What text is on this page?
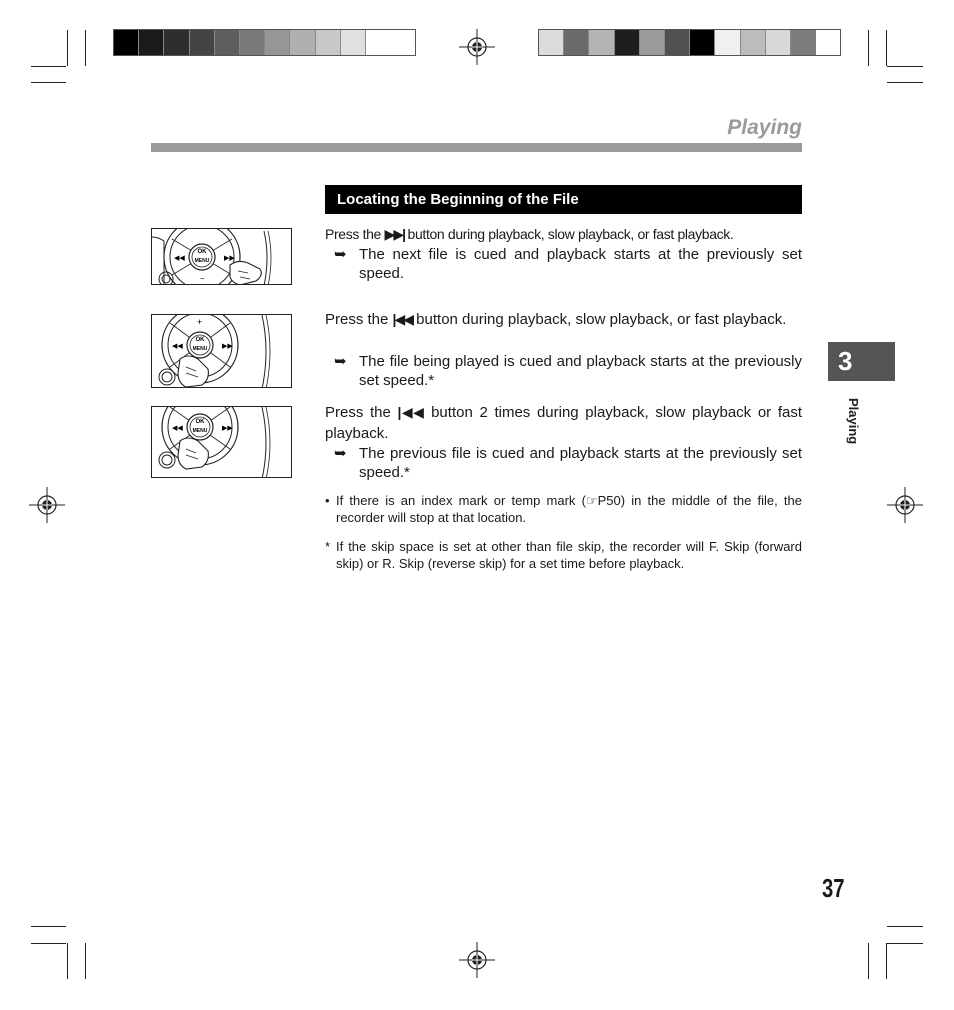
Playing
Locating the Beginning of the File
Press the ▶▶| button during playback, slow playback, or fast playback.
➥ The next file is cued and playback starts at the previously set speed.
Press the |◀◀ button during playback, slow playback, or fast playback.
➥ The file being played is cued and playback starts at the previously set speed.*
Press the |◀◀ button 2 times during playback, slow playback or fast playback.
➥ The previous file is cued and playback starts at the previously set speed.*
• If there is an index mark or temp mark (☞P50) in the middle of the file, the recorder will stop at that location.
* If the skip space is set at other than file skip, the recorder will F. Skip (forward skip) or R. Skip (reverse skip) for a set time before playback.
OK
MENU
◀◀	▶▶
−
OK
MENU
+
◀◀	▶▶
OK
MENU
◀◀	▶▶
3
Playing
37
